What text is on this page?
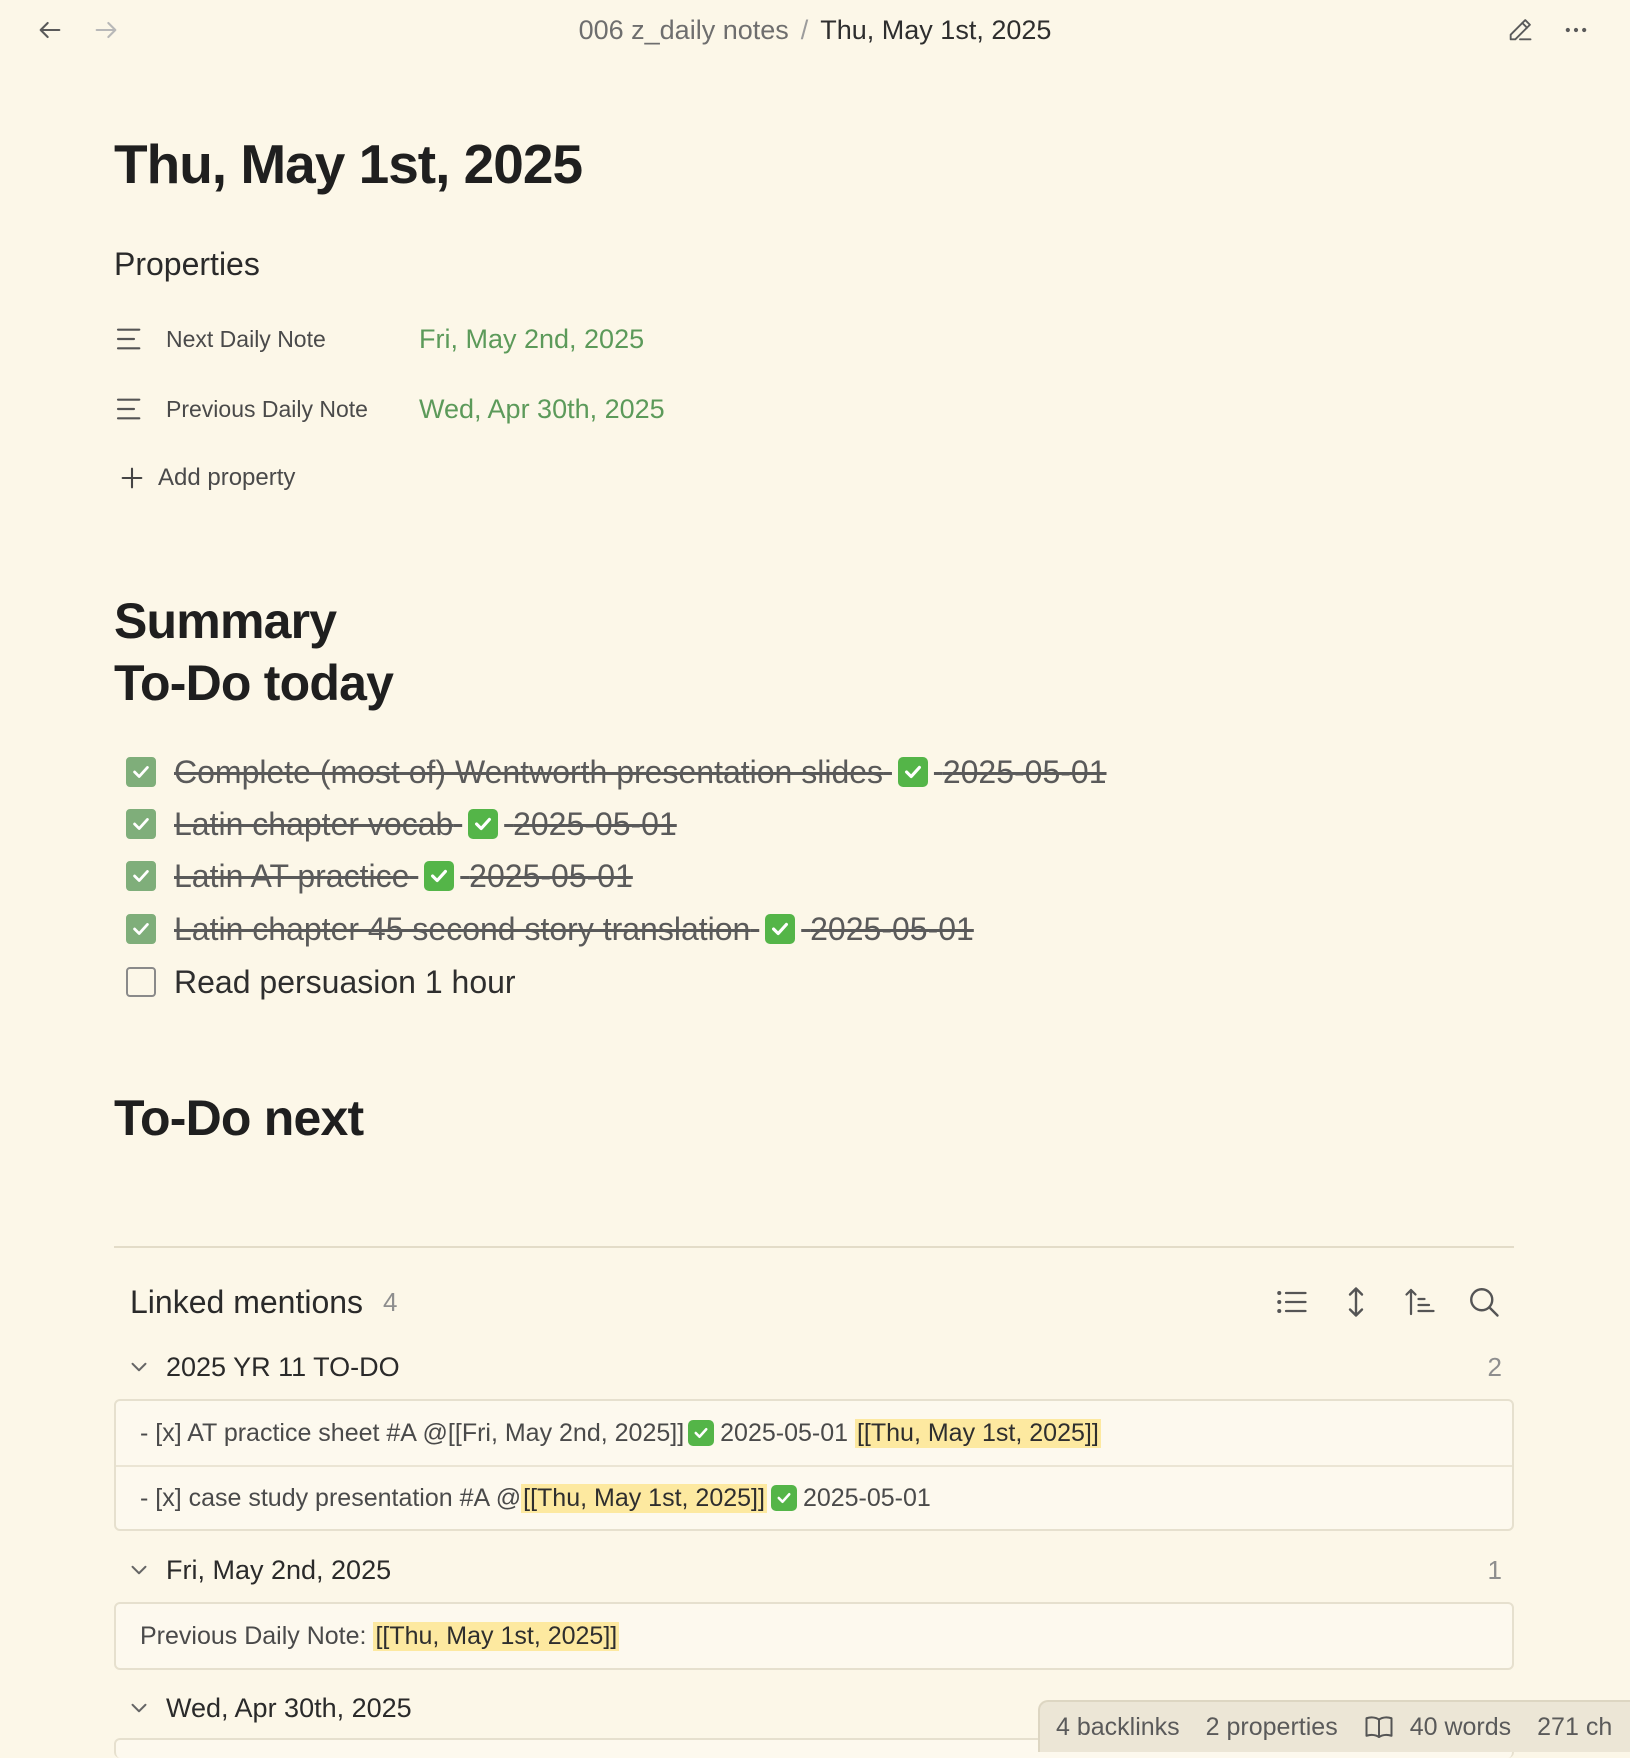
006 z_daily notes / Thu, May 1st, 2025
Thu, May 1st, 2025
Properties
Next Daily Note	Fri, May 2nd, 2025
Previous Daily Note	Wed, Apr 30th, 2025
Add property
Summary
To-Do today
Complete (most of) Wentworth presentation slides 2025-05-01
Latin chapter vocab 2025-05-01
Latin AT practice 2025-05-01
Latin chapter 45 second story translation 2025-05-01
Read persuasion 1 hour
To-Do next
Linked mentions 4
2025 YR 11 TO-DO	2
- [x] AT practice sheet #A @[[Fri, May 2nd, 2025]] 2025-05-01
[[Thu, May 1st, 2025]]
- [x] case study presentation #A @ [[Thu, May 1st, 2025]] 2025-05-01
Fri, May 2nd, 2025	1
Previous Daily Note:
[[Thu, May 1st, 2025]]
Wed, Apr 30th, 2025
4 backlinks 2 properties	40 words 271 ch
